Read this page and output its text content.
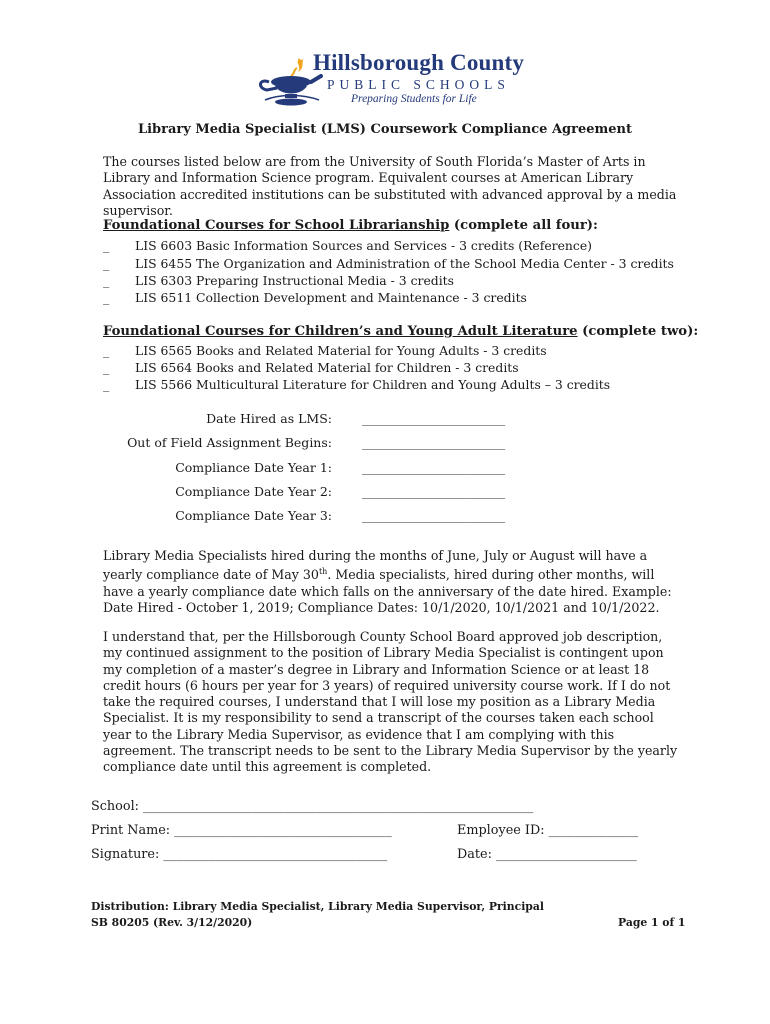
Hillsborough County
PUBLIC SCHOOLS
Preparing Students for Life
Library Media Specialist (LMS) Coursework Compliance Agreement
The courses listed below are from the University of South Florida’s Master of Arts in Library and Information Science program. Equivalent courses at American Library Association accredited institutions can be substituted with advanced approval by a media supervisor.
Foundational Courses for School Librarianship (complete all four):
_ LIS 6603 Basic Information Sources and Services - 3 credits (Reference)
_ LIS 6455 The Organization and Administration of the School Media Center - 3 credits
_ LIS 6303 Preparing Instructional Media - 3 credits
_ LIS 6511 Collection Development and Maintenance - 3 credits
Foundational Courses for Children’s and Young Adult Literature (complete two):
_ LIS 6565 Books and Related Material for Young Adults - 3 credits
_ LIS 6564 Books and Related Material for Children - 3 credits
_ LIS 5566 Multicultural Literature for Children and Young Adults – 3 credits
Date Hired as LMS: ________________________
Out of Field Assignment Begins: ________________________
Compliance Date Year 1: ________________________
Compliance Date Year 2: ________________________
Compliance Date Year 3: ________________________
Library Media Specialists hired during the months of June, July or August will have a yearly compliance date of May 30th. Media specialists, hired during other months, will have a yearly compliance date which falls on the anniversary of the date hired. Example: Date Hired - October 1, 2019; Compliance Dates: 10/1/2020, 10/1/2021 and 10/1/2022.
I understand that, per the Hillsborough County School Board approved job description, my continued assignment to the position of Library Media Specialist is contingent upon my completion of a master’s degree in Library and Information Science or at least 18 credit hours (6 hours per year for 3 years) of required university course work. If I do not take the required courses, I understand that I will lose my position as a Library Media Specialist. It is my responsibility to send a transcript of the courses taken each school year to the Library Media Supervisor, as evidence that I am complying with this agreement. The transcript needs to be sent to the Library Media Supervisor by the yearly compliance date until this agreement is completed.
School: _____________________________________________________________
Print Name: __________________________________	Employee ID: ______________
Signature: ___________________________________	Date: ______________________
Distribution: Library Media Specialist, Library Media Supervisor, Principal
SB 80205 (Rev. 3/12/2020)	Page 1 of 1
